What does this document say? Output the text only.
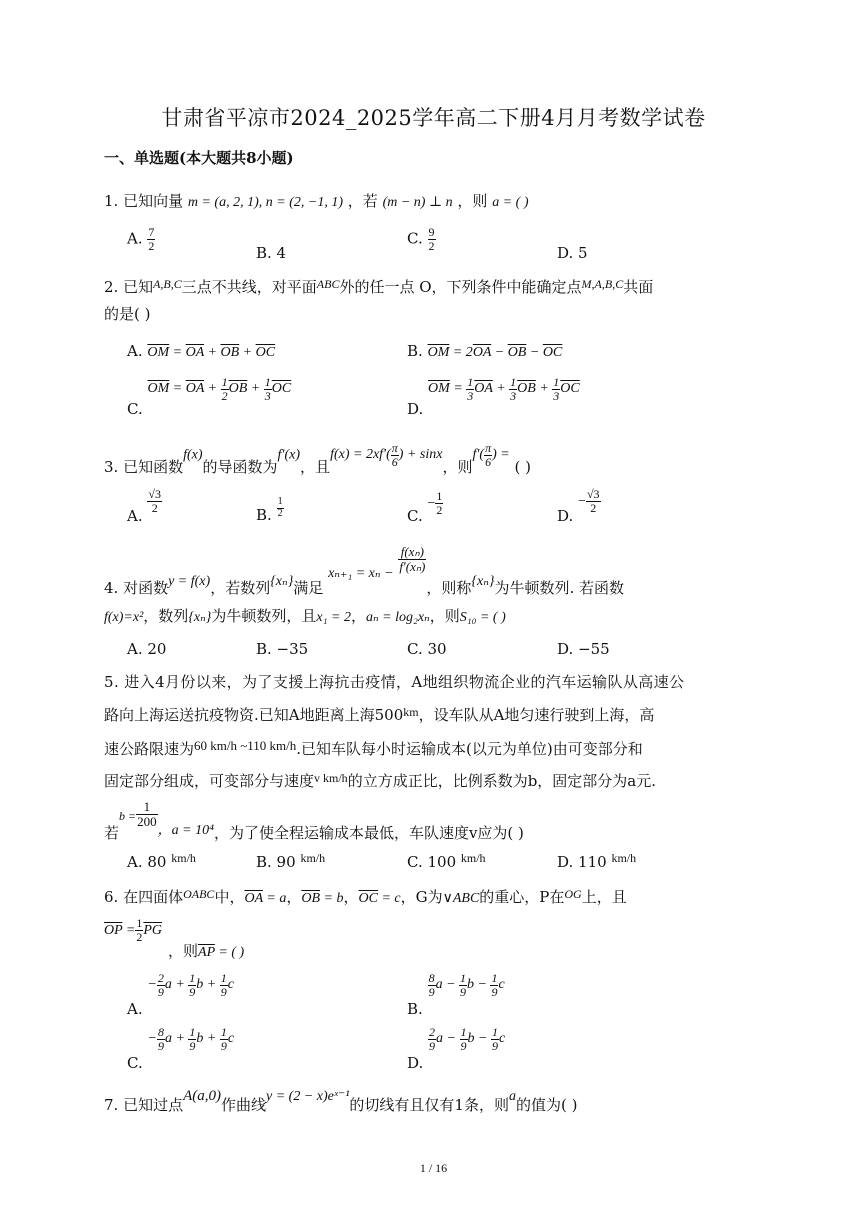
甘肃省平凉市2024_2025学年高二下册4月月考数学试卷
一、单选题(本大题共8小题)
1. 已知向量 m = (a, 2, 1), n = (2, −1, 1) ，若 (m − n) ⊥ n ，则 a = ( )
A. $\frac{7}{2}$
B. 4
C. $\frac{9}{2}$
D. 5
2. 已知$^{A,B,C}$三点不共线，对平面$^{ABC}$外的任一点 O，下列条件中能确定点$^{M,A,B,C}$共面
的是( )
A. $\overline{OM} = \overline{OA} + \overline{OB} + \overline{OC}$	B. $\overline{OM} = 2\overline{OA} - \overline{OB} - \overline{OC}$
C. $\overline{OM} = \overline{OA} + \frac{1}{2} \overline{OB} + \frac{1}{3} \overline{OC}$
D. $\overline{OM} = \frac{1}{3} \overline{OA} + \frac{1}{3} \overline{OB} + \frac{1}{3} \overline{OC}$
3. 已知函数f(x)的导函数为f′(x)，且$f(x) = 2xf'( \frac{\pi}{6}$ ) + sinx，则$f'( \frac{\pi}{6}$ ) = ( )
A.
$\frac{√3}{2}$
B. $\frac{1}{2}$	C. − $\frac{1}{2}$	D. − $\frac{√3}{2}$
4. 对函数y = f(x)，若数列{xₙ}满足 xₙ₊₁ = xₙ −
$\frac{\text{f(xₙ)}}{\text{f′(xₙ)}}$
，则称{xₙ}为牛顿数列. 若函数
f(x)=x²，数列{xₙ}为牛顿数列，且x₁ = 2，aₙ = log₂xₙ，则S₁₀ = ( )
A. 20	B. −35	C. 30	D. −55
5. 进入4月份以来，为了支援上海抗击疫情，A地组织物流企业的汽车运输队从高速公
路向上海运送抗疫物资.已知A地距离上海$500^{km}$，设车队从A地匀速行驶到上海，高
速公路限速为60 km/h ~110 km/h.已知车队每小时运输成本(以元为单位)由可变部分和
固定部分组成，可变部分与速度$^{v km/h}$的立方成正比，比例系数为b，固定部分为a元.
若$b = \frac{1}{200}$
，a = 10⁴，为了使全程运输成本最低，车队速度v应为( )
A. 80 $^{km/h}$	B. 90 $^{km/h}$	C. 100 $^{km/h}$	D. 110 $^{km/h}$
6. 在四面体$^{OABC}$中，$\overline{OA} = a$，$\overline{OB} = b$，$\overline{OC} = c$，G为∨ABC的重心，P在$^{OG}$上，且
$\overline{OP} = \frac{1}{2} \overline{PG}$
，则$\overline{AP}$ = ( )
A. − $\frac{2}{9}$ $a + \frac{1}{9}$ $b + \frac{1}{9}$ c
B.
$\frac{8}{9}$ $a - \frac{1}{9}$ $b - \frac{1}{9}$ c
C. − $\frac{8}{9}$ $a + \frac{1}{9}$ $b + \frac{1}{9}$ c
D.
$\frac{2}{9}$ $a - \frac{1}{9}$ $b - \frac{1}{9}$ c
7. 已知过点A(a,0)作曲线y = (2 − x)eˣ⁻¹的切线有且仅有1条，则a的值为( )
1 / 16
